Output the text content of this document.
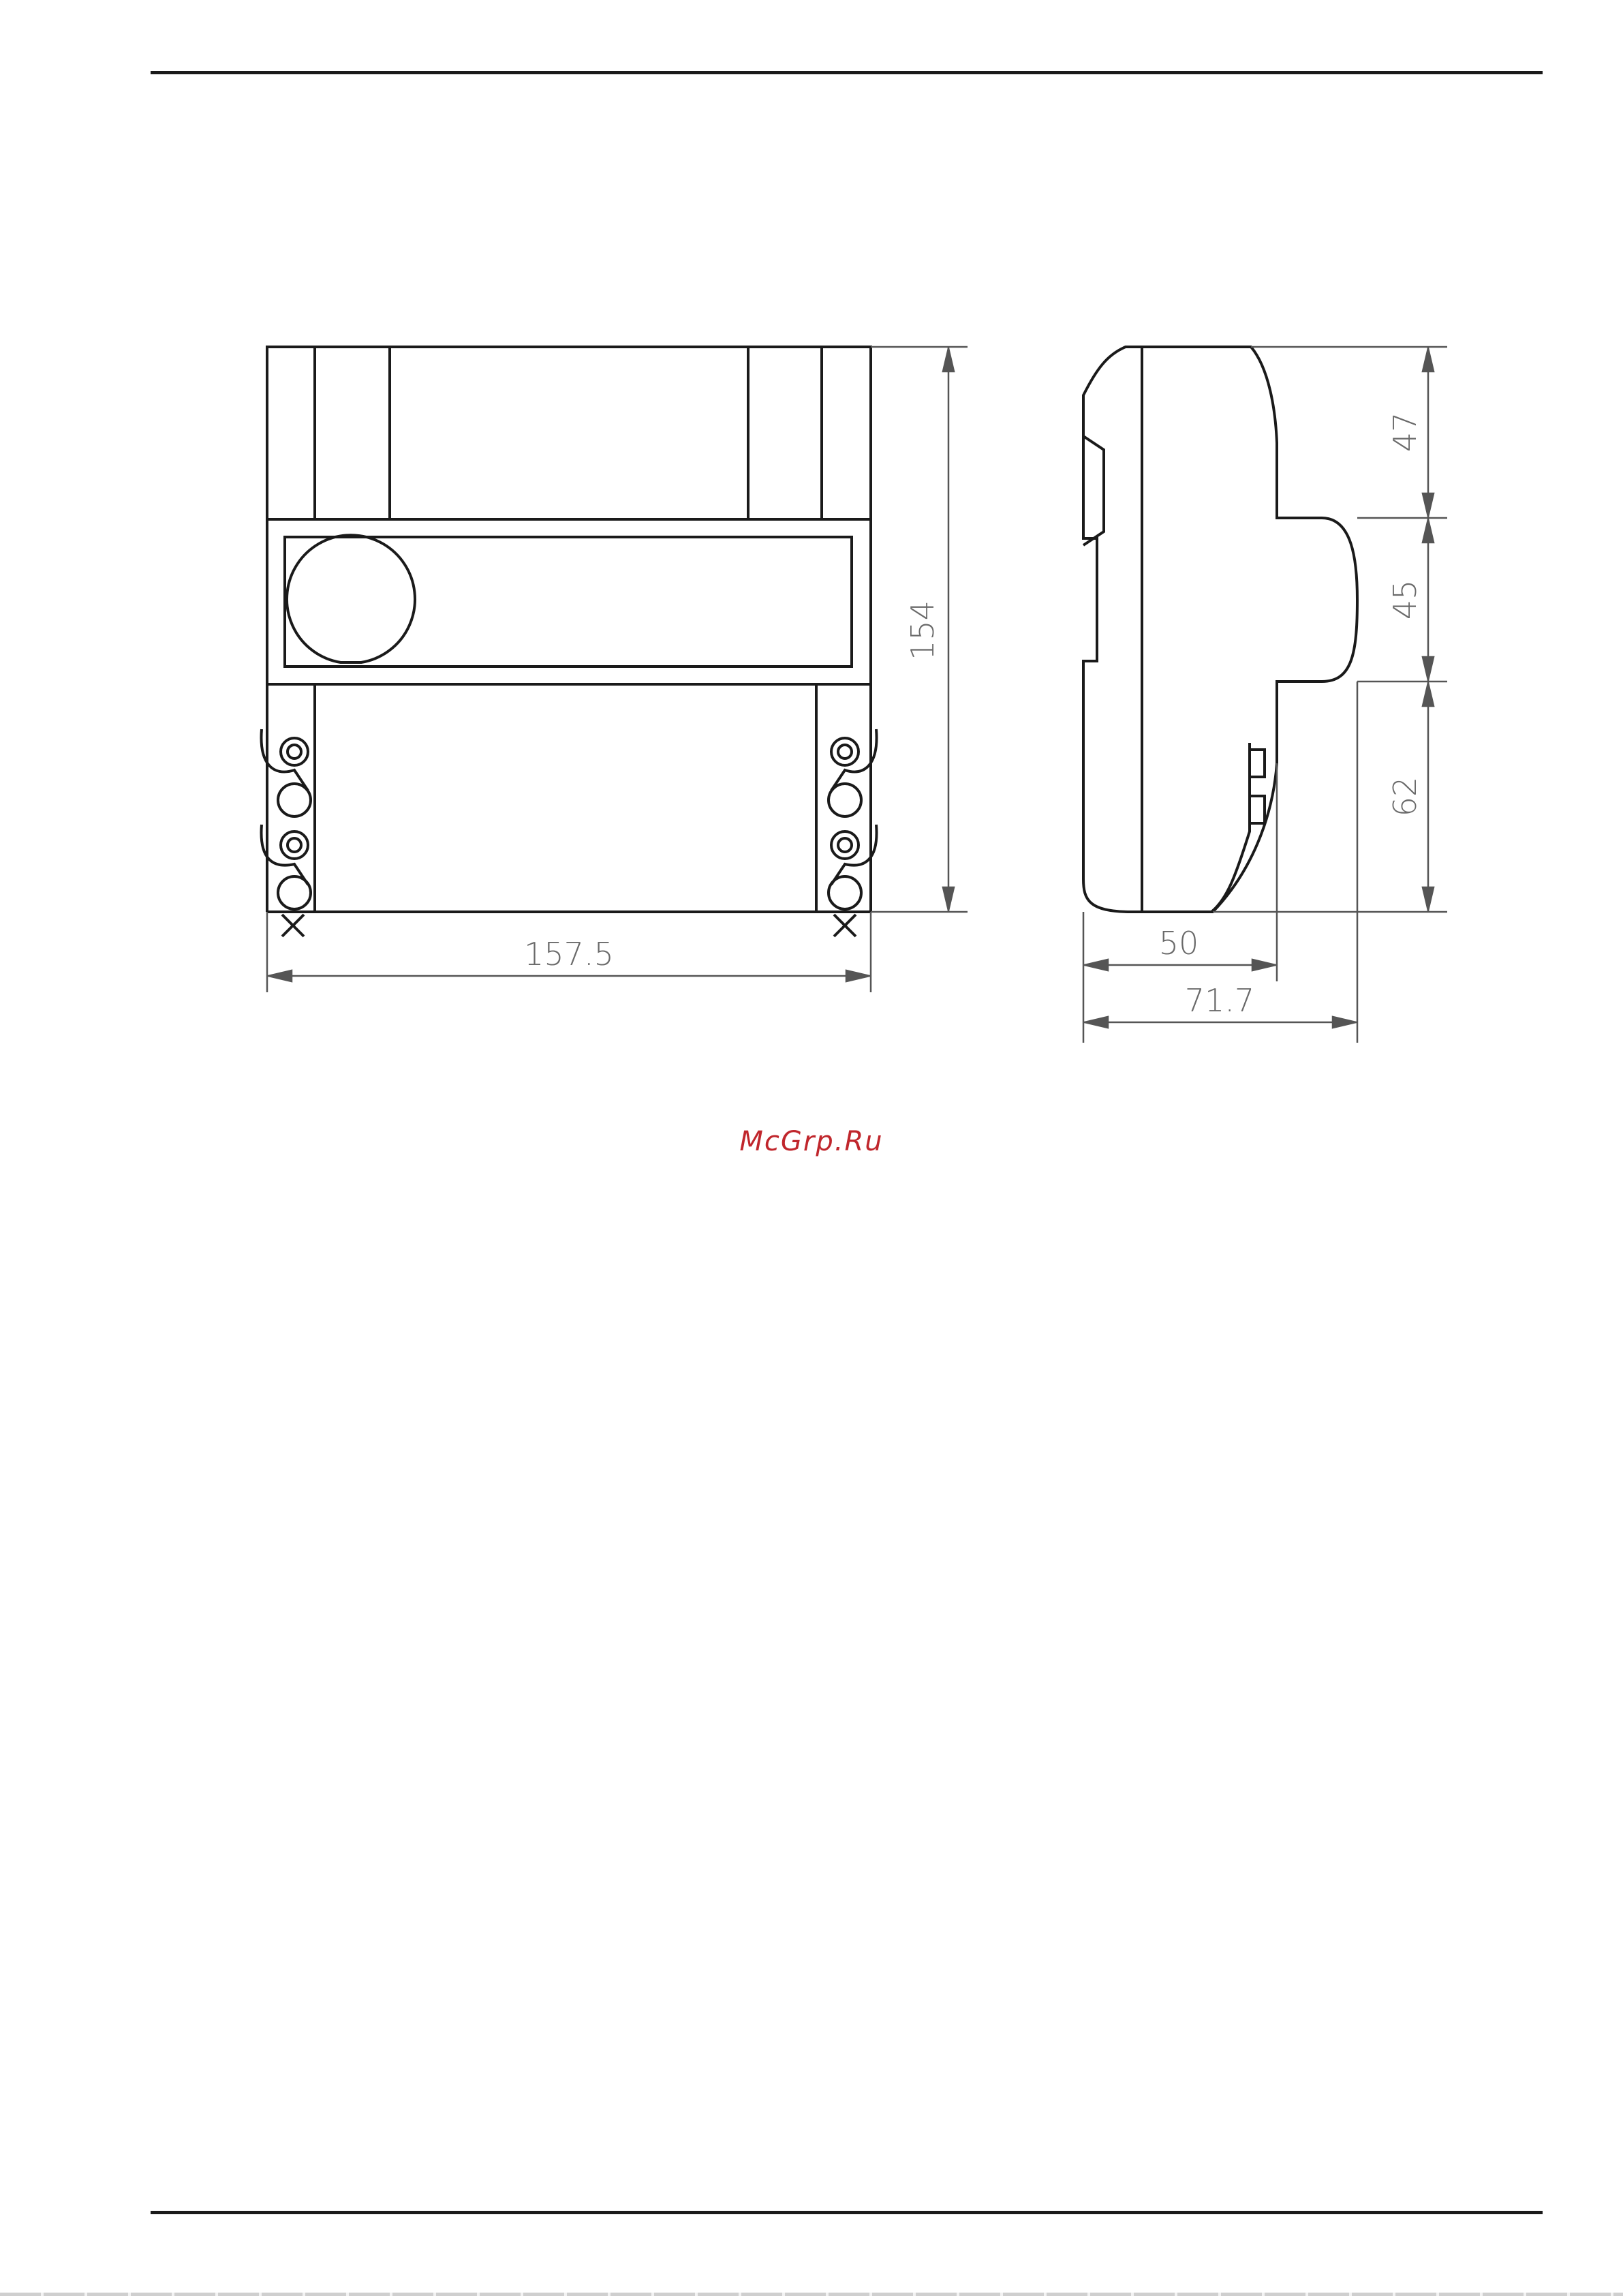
154
157.5
47
45
62
50
71.7
McGrp.Ru
